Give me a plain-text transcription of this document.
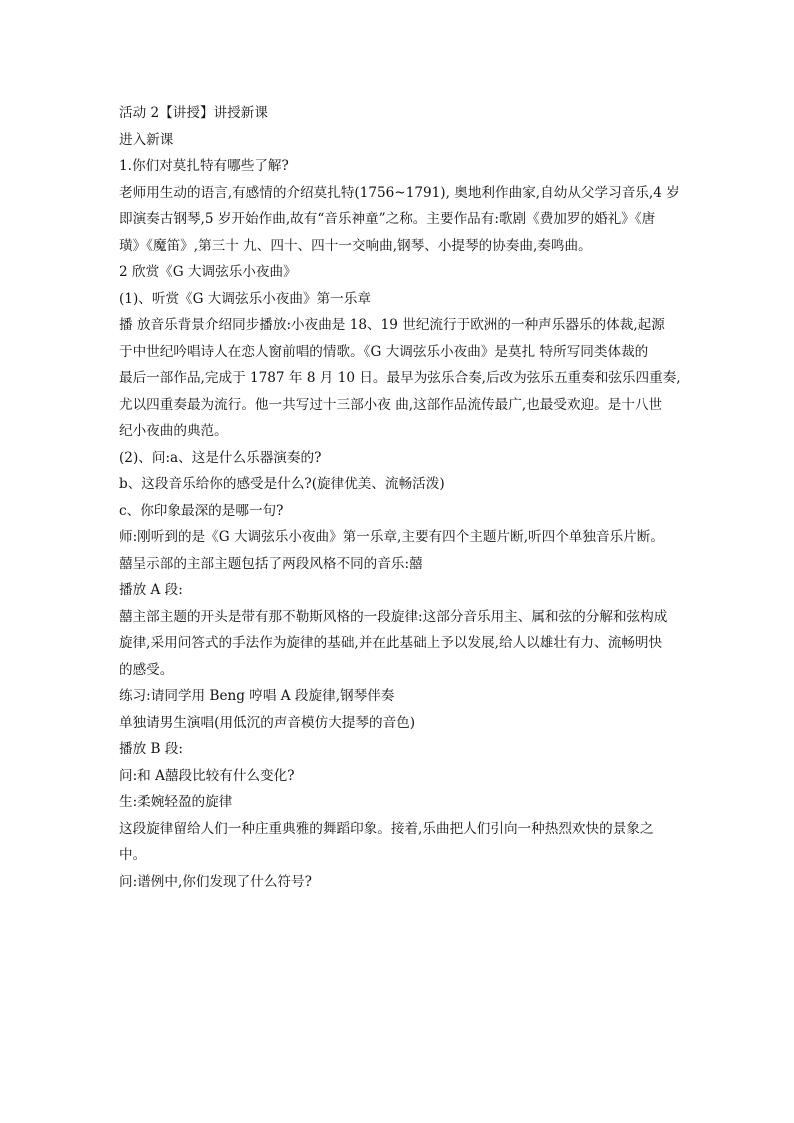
活动 2【讲授】讲授新课
进入新课
1.你们对莫扎特有哪些了解?
老师用生动的语言,有感情的介绍莫扎特(1756~1791), 奥地利作曲家,自幼从父学习音乐,4 岁
即演奏古钢琴,5 岁开始作曲,故有“音乐神童”之称。主要作品有:歌剧《费加罗的婚礼》《唐
璜》《魔笛》,第三十 九、四十、四十一交响曲,钢琴、小提琴的协奏曲,奏鸣曲。
2 欣赏《G 大调弦乐小夜曲》
(1)、听赏《G 大调弦乐小夜曲》第一乐章
播 放音乐背景介绍同步播放:小夜曲是 18、19 世纪流行于欧洲的一种声乐器乐的体裁,起源
于中世纪吟唱诗人在恋人窗前唱的情歌。《G 大调弦乐小夜曲》是莫扎 特所写同类体裁的
最后一部作品,完成于 1787 年 8 月 10 日。最早为弦乐合奏,后改为弦乐五重奏和弦乐四重奏,
尤以四重奏最为流行。他一共写过十三部小夜 曲,这部作品流传最广,也最受欢迎。是十八世
纪小夜曲的典范。
(2)、问:a、这是什么乐器演奏的?
b、这段音乐给你的感受是什么?(旋律优美、流畅活泼)
c、你印象最深的是哪一句?
师:刚听到的是《G 大调弦乐小夜曲》第一乐章,主要有四个主题片断,听四个单独音乐片断。
囍呈示部的主部主题包括了两段风格不同的音乐:囍
播放 A 段:
囍主部主题的开头是带有那不勒斯风格的一段旋律:这部分音乐用主、属和弦的分解和弦构成
旋律,采用问答式的手法作为旋律的基础,并在此基础上予以发展,给人以雄壮有力、流畅明快
的感受。
练习:请同学用 Beng 哼唱 A 段旋律,钢琴伴奏
单独请男生演唱(用低沉的声音模仿大提琴的音色)
播放 B 段:
问:和 A囍段比较有什么变化?
生:柔婉轻盈的旋律
这段旋律留给人们一种庄重典雅的舞蹈印象。接着,乐曲把人们引向一种热烈欢快的景象之
中。
问:谱例中,你们发现了什么符号?
